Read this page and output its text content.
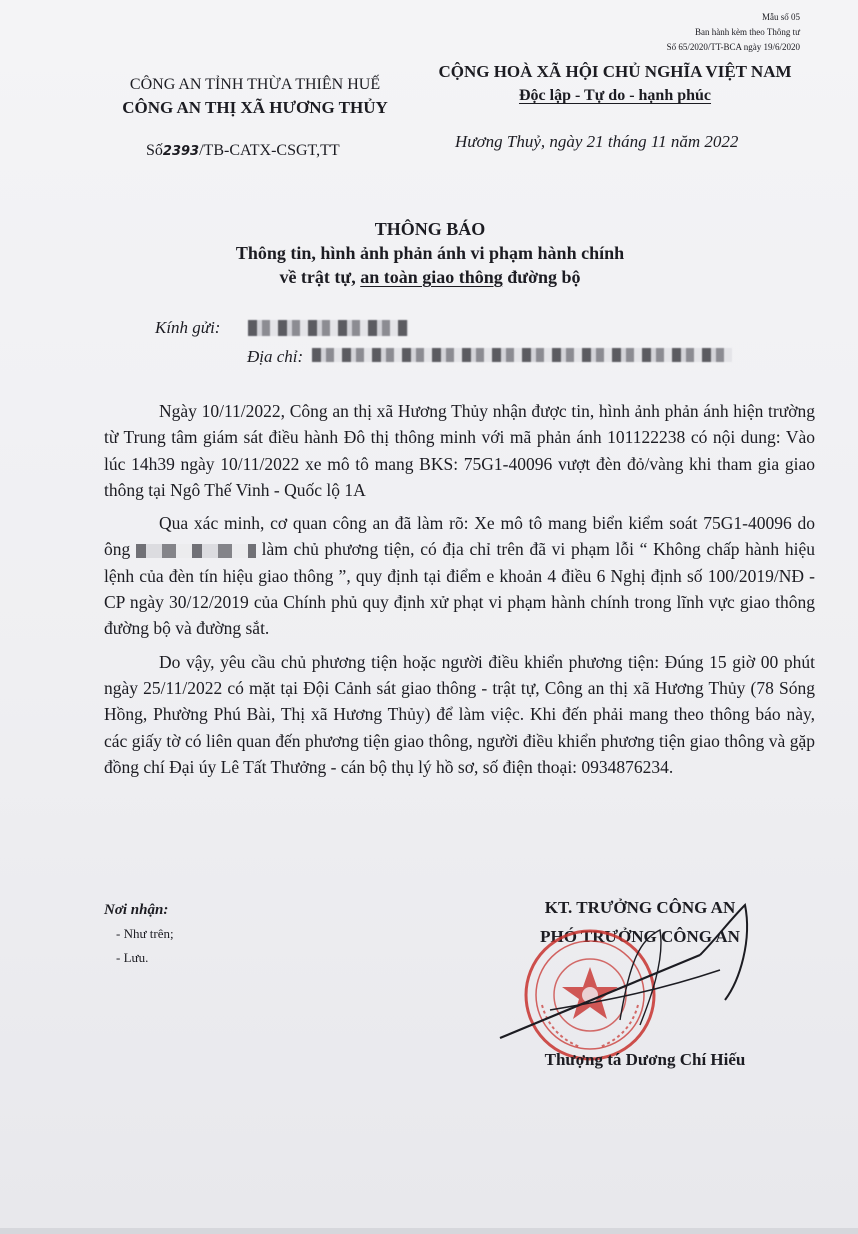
Mẫu số 05
Ban hành kèm theo Thông tư
Số 65/2020/TT-BCA ngày 19/6/2020
CÔNG AN TỈNH THỪA THIÊN HUẾ
CÔNG AN THỊ XÃ HƯƠNG THỦY
CỘNG HOÀ XÃ HỘI CHỦ NGHĨA VIỆT NAM
Độc lập - Tự do - hạnh phúc
Số2393/TB-CATX-CSGT,TT	Hương Thuỷ, ngày 21 tháng 11 năm 2022
THÔNG BÁO
Thông tin, hình ảnh phản ánh vi phạm hành chính
về trật tự, an toàn giao thông đường bộ
Kính gửi:
Địa chỉ:

Ngày 10/11/2022, Công an thị xã Hương Thủy nhận được tin, hình ảnh phản ánh hiện trường từ Trung tâm giám sát điều hành Đô thị thông minh với mã phản ánh 101122238 có nội dung: Vào lúc 14h39 ngày 10/11/2022 xe mô tô mang BKS: 75G1-40096 vượt đèn đỏ/vàng khi tham gia giao thông tại Ngô Thế Vinh - Quốc lộ 1A

Qua xác minh, cơ quan công an đã làm rõ: Xe mô tô mang biển kiểm soát 75G1-40096 do ông	làm chủ phương tiện, có địa chỉ trên đã vi phạm lỗi “ Không chấp hành hiệu lệnh của đèn tín hiệu giao thông ”, quy định tại điểm e khoản 4 điều 6 Nghị định số 100/2019/NĐ - CP ngày 30/12/2019 của Chính phủ quy định xử phạt vi phạm hành chính trong lĩnh vực giao thông đường bộ và đường sắt.

Do vậy, yêu cầu chủ phương tiện hoặc người điều khiển phương tiện: Đúng 15 giờ 00 phút ngày 25/11/2022 có mặt tại Đội Cảnh sát giao thông - trật tự, Công an thị xã Hương Thủy (78 Sóng Hồng, Phường Phú Bài, Thị xã Hương Thủy) để làm việc. Khi đến phải mang theo thông báo này, các giấy tờ có liên quan đến phương tiện giao thông, người điều khiển phương tiện giao thông và gặp đồng chí Đại úy Lê Tất Thưởng - cán bộ thụ lý hồ sơ, số điện thoại: 0934876234.

Nơi nhận:
- Như trên;
- Lưu.
KT. TRƯỞNG CÔNG AN
PHÓ TRƯỞNG CÔNG AN
Thượng tá Dương Chí Hiếu
